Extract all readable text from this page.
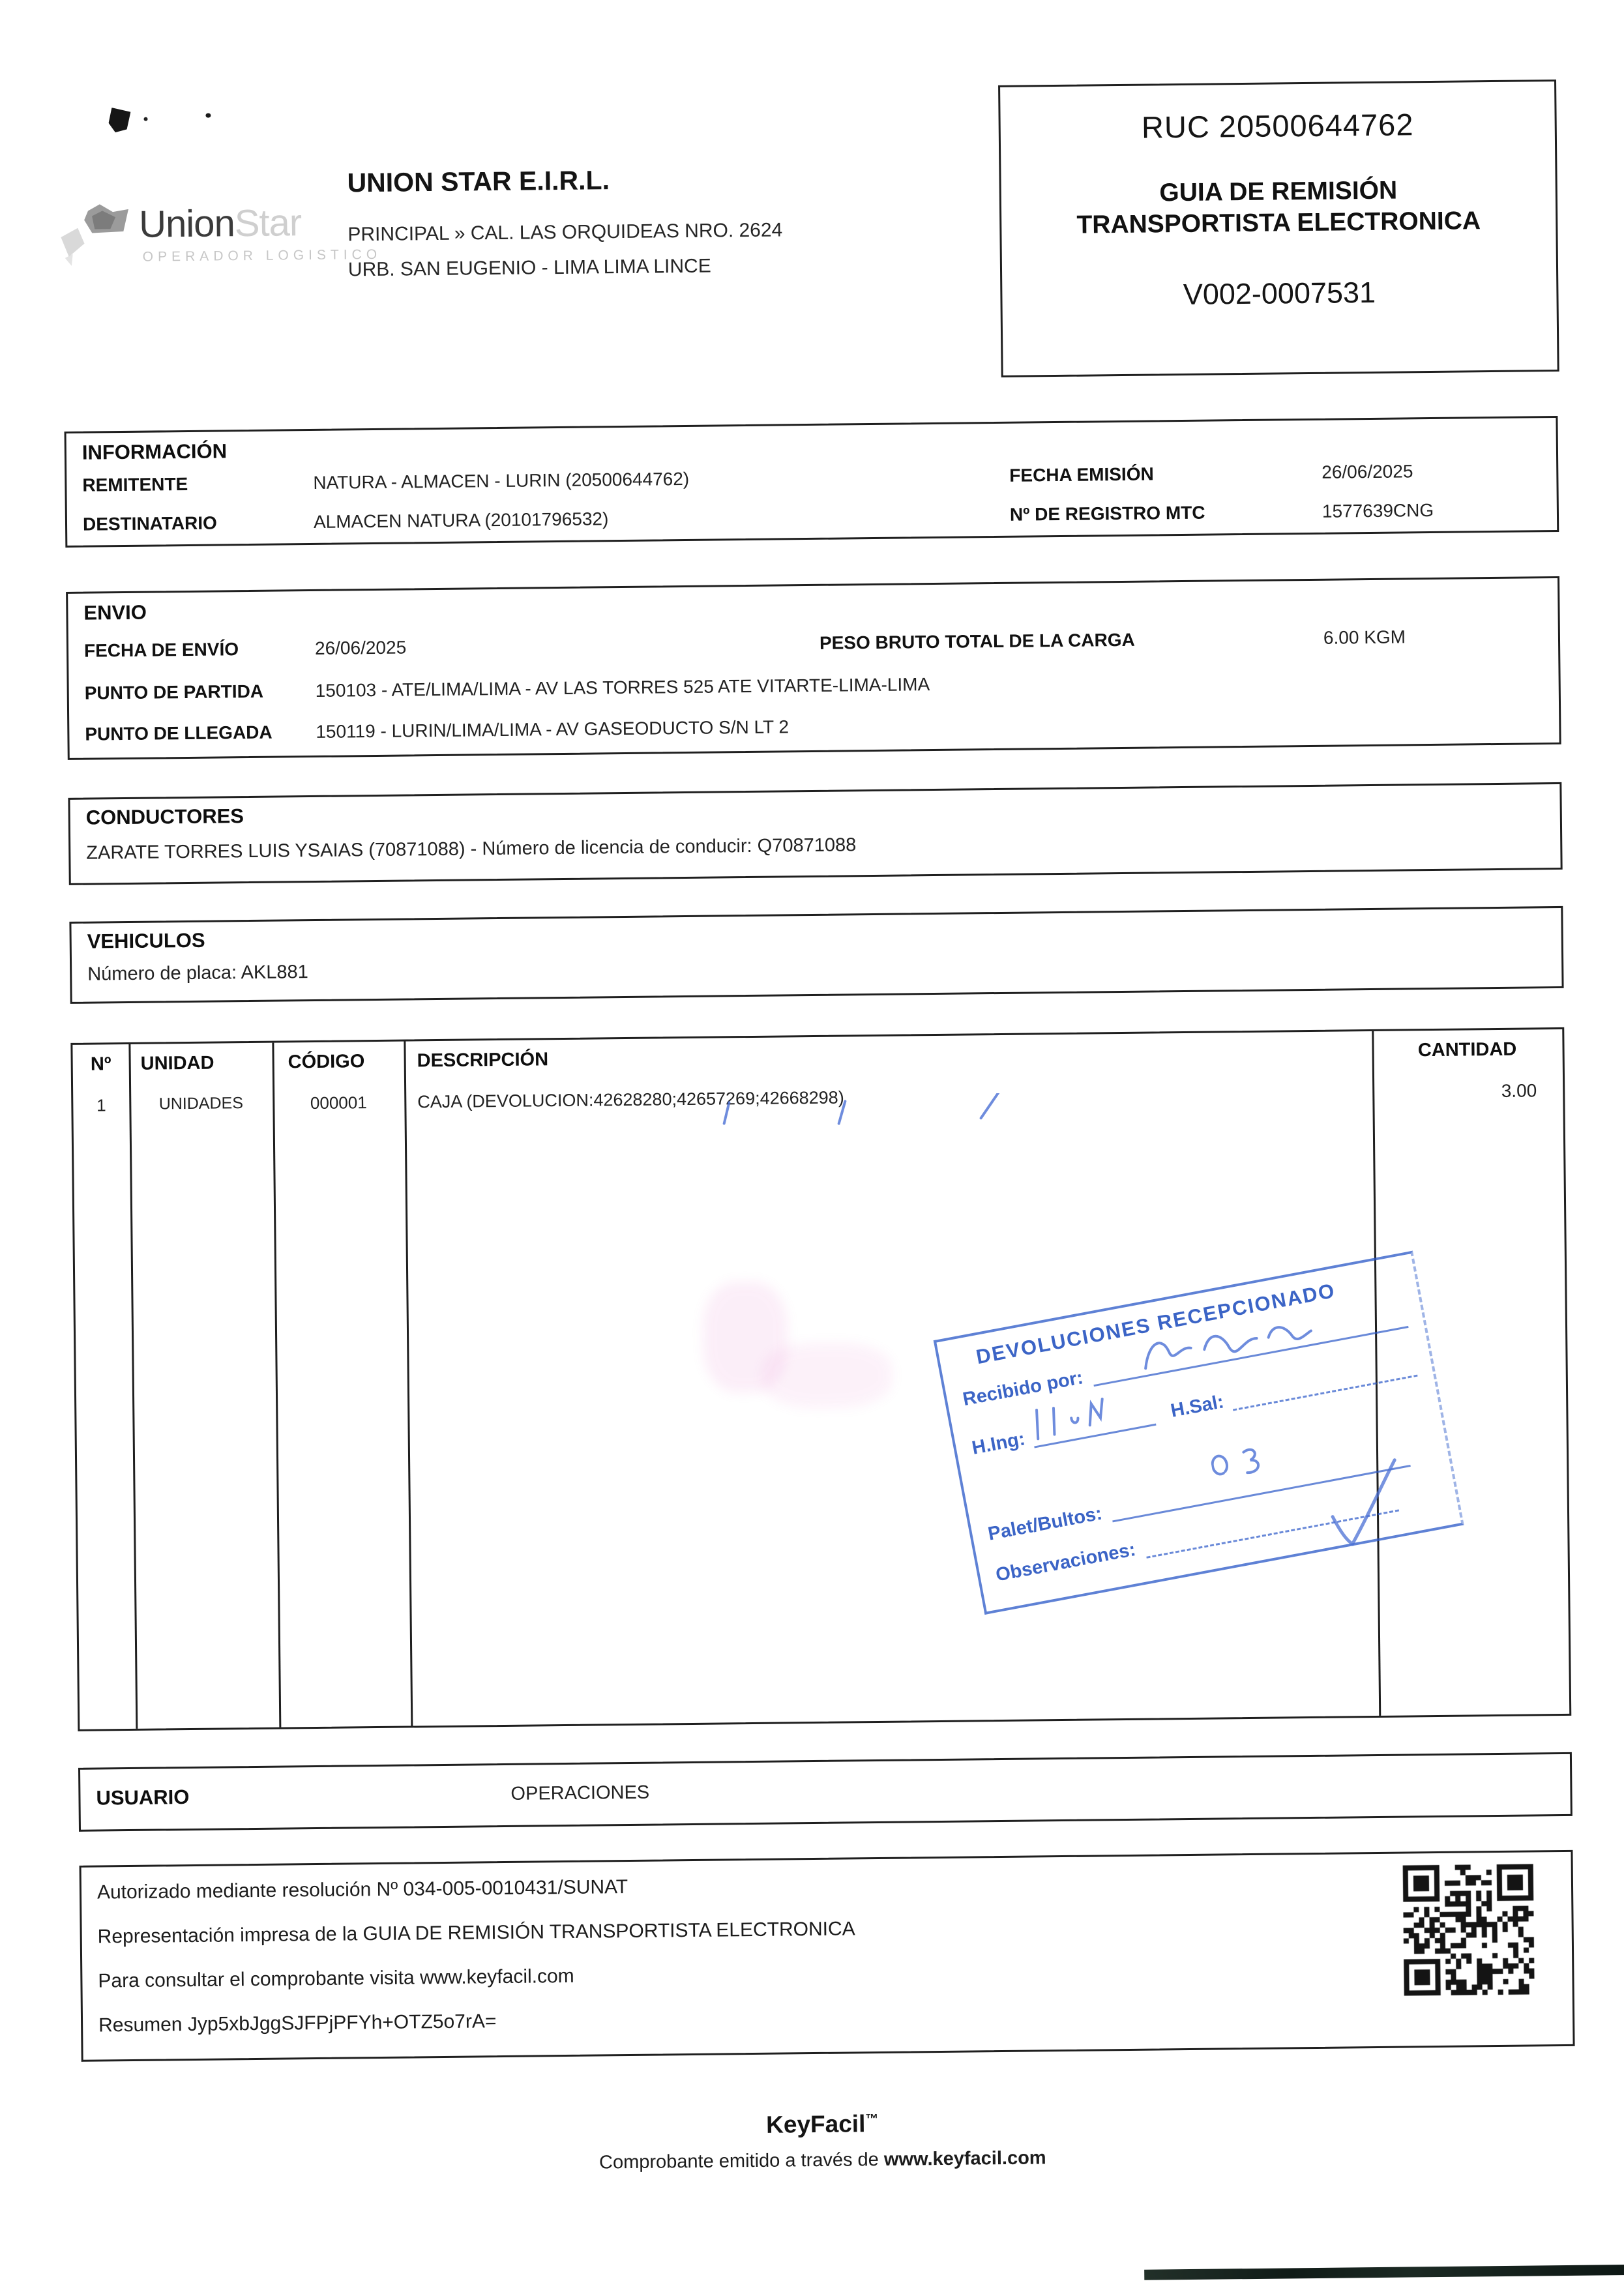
UnionStar
OPERADOR LOGISTICO
UNION STAR E.I.R.L.
PRINCIPAL » CAL. LAS ORQUIDEAS NRO. 2624
URB. SAN EUGENIO - LIMA LIMA LINCE
RUC 20500644762
GUIA DE REMISIÓN
TRANSPORTISTA ELECTRONICA
V002-0007531
INFORMACIÓN
REMITENTE	NATURA - ALMACEN - LURIN (20500644762)	FECHA EMISIÓN	26/06/2025
DESTINATARIO	ALMACEN NATURA (20101796532)	Nº DE REGISTRO MTC	1577639CNG
ENVIO
FECHA DE ENVÍO	26/06/2025	PESO BRUTO TOTAL DE LA CARGA	6.00 KGM
PUNTO DE PARTIDA	150103 - ATE/LIMA/LIMA - AV LAS TORRES 525 ATE VITARTE-LIMA-LIMA
PUNTO DE LLEGADA 150119 - LURIN/LIMA/LIMA - AV GASEODUCTO S/N LT 2
CONDUCTORES
ZARATE TORRES LUIS YSAIAS (70871088) - Número de licencia de conducir: Q70871088
VEHICULOS
Número de placa: AKL881
Nº	UNIDAD	CÓDIGO	DESCRIPCIÓN	CANTIDAD
1	UNIDADES	000001	CAJA (DEVOLUCION:42628280;42657269;42668298)	3.00
DEVOLUCIONES RECEPCIONADO
Recibido por:
H.Ing:
H.Sal:
Palet/Bultos:
Observaciones:
USUARIO	OPERACIONES
Autorizado mediante resolución Nº 034-005-0010431/SUNAT
Representación impresa de la GUIA DE REMISIÓN TRANSPORTISTA ELECTRONICA
Para consultar el comprobante visita www.keyfacil.com
Resumen Jyp5xbJggSJFPjPFYh+OTZ5o7rA=
KeyFacil™
Comprobante emitido a través de www.keyfacil.com
